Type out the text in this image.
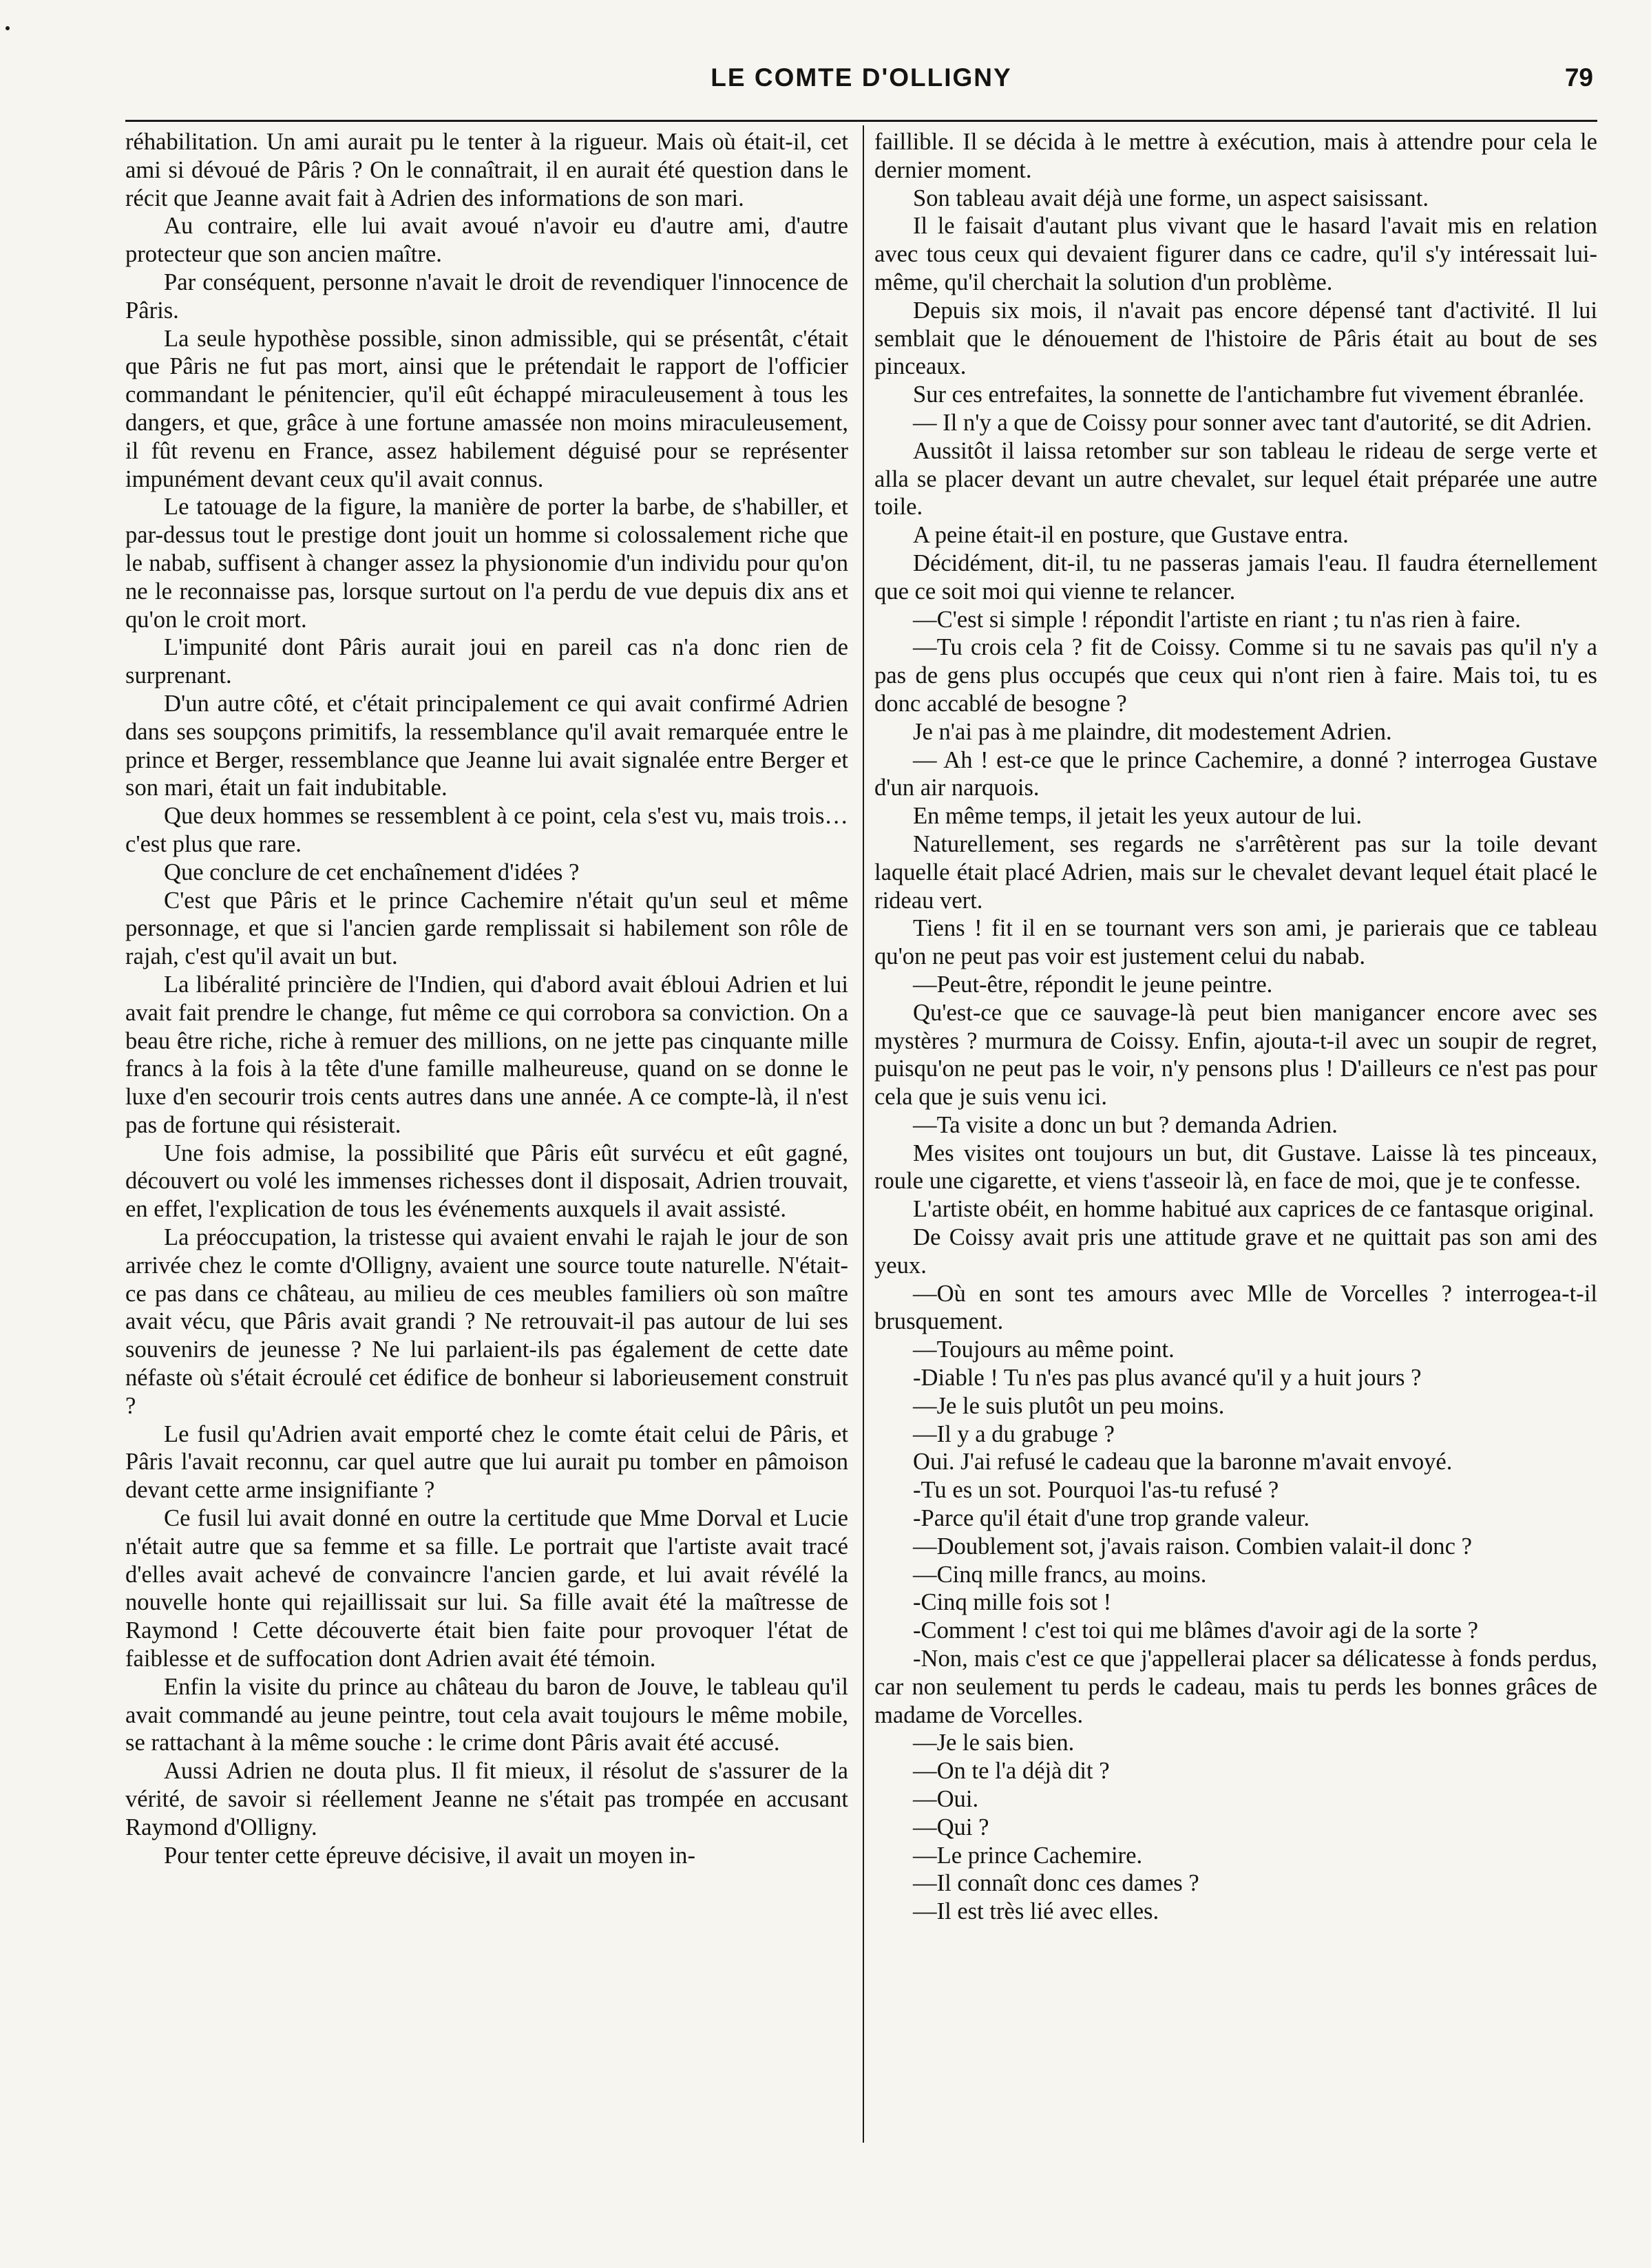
LE COMTE D'OLLIGNY	79

réhabilitation. Un ami aurait pu le tenter à la rigueur. Mais où était-il, cet ami si dévoué de Pâris ? On le connaîtrait, il en aurait été question dans le récit que Jeanne avait fait à Adrien des informations de son mari.

Au contraire, elle lui avait avoué n'avoir eu d'autre ami, d'autre protecteur que son ancien maître.

Par conséquent, personne n'avait le droit de revendiquer l'innocence de Pâris.

La seule hypothèse possible, sinon admissible, qui se présentât, c'était que Pâris ne fut pas mort, ainsi que le prétendait le rapport de l'officier commandant le pénitencier, qu'il eût échappé miraculeusement à tous les dangers, et que, grâce à une fortune amassée non moins miraculeusement, il fût revenu en France, assez habilement déguisé pour se représenter impunément devant ceux qu'il avait connus.

Le tatouage de la figure, la manière de porter la barbe, de s'habiller, et par-dessus tout le prestige dont jouit un homme si colossalement riche que le nabab, suffisent à changer assez la physionomie d'un individu pour qu'on ne le reconnaisse pas, lorsque surtout on l'a perdu de vue depuis dix ans et qu'on le croit mort.

L'impunité dont Pâris aurait joui en pareil cas n'a donc rien de surprenant.

D'un autre côté, et c'était principalement ce qui avait confirmé Adrien dans ses soupçons primitifs, la ressemblance qu'il avait remarquée entre le prince et Berger, ressemblance que Jeanne lui avait signalée entre Berger et son mari, était un fait indubitable.

Que deux hommes se ressemblent à ce point, cela s'est vu, mais trois…c'est plus que rare.

Que conclure de cet enchaînement d'idées ?

C'est que Pâris et le prince Cachemire n'était qu'un seul et même personnage, et que si l'ancien garde remplissait si habilement son rôle de rajah, c'est qu'il avait un but.

La libéralité princière de l'Indien, qui d'abord avait ébloui Adrien et lui avait fait prendre le change, fut même ce qui corrobora sa conviction. On a beau être riche, riche à remuer des millions, on ne jette pas cinquante mille francs à la fois à la tête d'une famille malheureuse, quand on se donne le luxe d'en secourir trois cents autres dans une année. A ce compte-là, il n'est pas de fortune qui résisterait.

Une fois admise, la possibilité que Pâris eût survécu et eût gagné, découvert ou volé les immenses richesses dont il disposait, Adrien trouvait, en effet, l'explication de tous les événements auxquels il avait assisté.

La préoccupation, la tristesse qui avaient envahi le rajah le jour de son arrivée chez le comte d'Olligny, avaient une source toute naturelle. N'était-ce pas dans ce château, au milieu de ces meubles familiers où son maître avait vécu, que Pâris avait grandi ? Ne retrouvait-il pas autour de lui ses souvenirs de jeunesse ? Ne lui parlaient-ils pas également de cette date néfaste où s'était écroulé cet édifice de bonheur si laborieusement construit ?

Le fusil qu'Adrien avait emporté chez le comte était celui de Pâris, et Pâris l'avait reconnu, car quel autre que lui aurait pu tomber en pâmoison devant cette arme insignifiante ?

Ce fusil lui avait donné en outre la certitude que Mme Dorval et Lucie n'était autre que sa femme et sa fille. Le portrait que l'artiste avait tracé d'elles avait achevé de convaincre l'ancien garde, et lui avait révélé la nouvelle honte qui rejaillissait sur lui. Sa fille avait été la maîtresse de Raymond ! Cette découverte était bien faite pour provoquer l'état de faiblesse et de suffocation dont Adrien avait été témoin.

Enfin la visite du prince au château du baron de Jouve, le tableau qu'il avait commandé au jeune peintre, tout cela avait toujours le même mobile, se rattachant à la même souche : le crime dont Pâris avait été accusé.

Aussi Adrien ne douta plus. Il fit mieux, il résolut de s'assurer de la vérité, de savoir si réellement Jeanne ne s'était pas trompée en accusant Raymond d'Olligny.

Pour tenter cette épreuve décisive, il avait un moyen in-

faillible. Il se décida à le mettre à exécution, mais à attendre pour cela le dernier moment.

Son tableau avait déjà une forme, un aspect saisissant.

Il le faisait d'autant plus vivant que le hasard l'avait mis en relation avec tous ceux qui devaient figurer dans ce cadre, qu'il s'y intéressait lui-même, qu'il cherchait la solution d'un problème.

Depuis six mois, il n'avait pas encore dépensé tant d'activité. Il lui semblait que le dénouement de l'histoire de Pâris était au bout de ses pinceaux.

Sur ces entrefaites, la sonnette de l'antichambre fut vivement ébranlée.

— Il n'y a que de Coissy pour sonner avec tant d'autorité, se dit Adrien.

Aussitôt il laissa retomber sur son tableau le rideau de serge verte et alla se placer devant un autre chevalet, sur lequel était préparée une autre toile.

A peine était-il en posture, que Gustave entra.

Décidément, dit-il, tu ne passeras jamais l'eau. Il faudra éternellement que ce soit moi qui vienne te relancer.

—C'est si simple ! répondit l'artiste en riant ; tu n'as rien à faire.

—Tu crois cela ? fit de Coissy. Comme si tu ne savais pas qu'il n'y a pas de gens plus occupés que ceux qui n'ont rien à faire. Mais toi, tu es donc accablé de besogne ?

Je n'ai pas à me plaindre, dit modestement Adrien.

— Ah ! est-ce que le prince Cachemire, a donné ? interrogea Gustave d'un air narquois.

En même temps, il jetait les yeux autour de lui.

Naturellement, ses regards ne s'arrêtèrent pas sur la toile devant laquelle était placé Adrien, mais sur le chevalet devant lequel était placé le rideau vert.

Tiens ! fit il en se tournant vers son ami, je parierais que ce tableau qu'on ne peut pas voir est justement celui du nabab.

—Peut-être, répondit le jeune peintre.

Qu'est-ce que ce sauvage-là peut bien manigancer encore avec ses mystères ? murmura de Coissy. Enfin, ajouta-t-il avec un soupir de regret, puisqu'on ne peut pas le voir, n'y pensons plus ! D'ailleurs ce n'est pas pour cela que je suis venu ici.

—Ta visite a donc un but ? demanda Adrien.

Mes visites ont toujours un but, dit Gustave. Laisse là tes pinceaux, roule une cigarette, et viens t'asseoir là, en face de moi, que je te confesse.

L'artiste obéit, en homme habitué aux caprices de ce fantasque original.

De Coissy avait pris une attitude grave et ne quittait pas son ami des yeux.

—Où en sont tes amours avec Mlle de Vorcelles ? interrogea-t-il brusquement.

—Toujours au même point.

-Diable ! Tu n'es pas plus avancé qu'il y a huit jours ?

—Je le suis plutôt un peu moins.

—Il y a du grabuge ?

Oui. J'ai refusé le cadeau que la baronne m'avait envoyé.

-Tu es un sot. Pourquoi l'as-tu refusé ?

-Parce qu'il était d'une trop grande valeur.

—Doublement sot, j'avais raison. Combien valait-il donc ?

—Cinq mille francs, au moins.

-Cinq mille fois sot !

-Comment ! c'est toi qui me blâmes d'avoir agi de la sorte ?

-Non, mais c'est ce que j'appellerai placer sa délicatesse à fonds perdus, car non seulement tu perds le cadeau, mais tu perds les bonnes grâces de madame de Vorcelles.

—Je le sais bien.

—On te l'a déjà dit ?

—Oui.

—Qui ?

—Le prince Cachemire.

—Il connaît donc ces dames ?

—Il est très lié avec elles.
